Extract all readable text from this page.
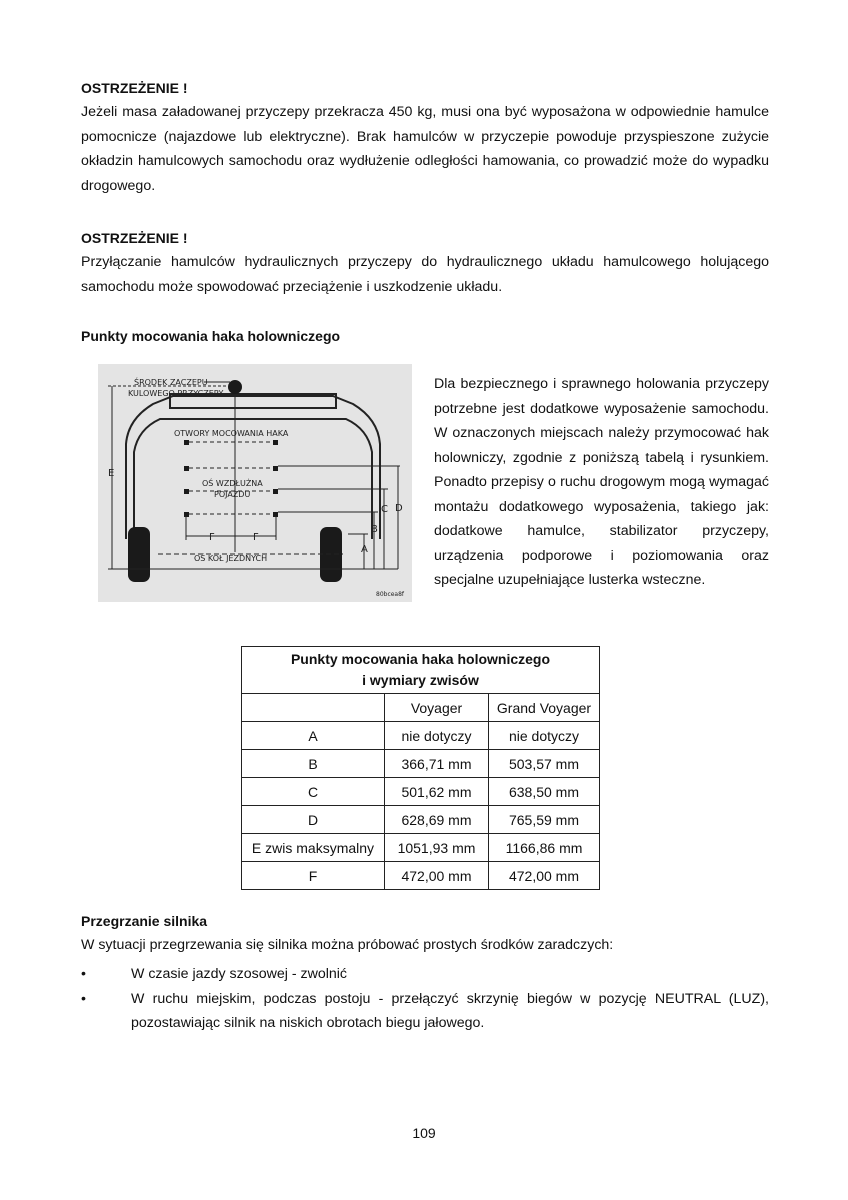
OSTRZEŻENIE !

Jeżeli masa załadowanej przyczepy przekracza 450 kg, musi ona być wyposażona w odpowiednie hamulce pomocnicze (najazdowe lub elektryczne). Brak hamulców w przyczepie powoduje przyspieszone zużycie okładzin hamulcowych samochodu oraz wydłużenie odległości hamowania, co prowadzić może do wypadku drogowego.

OSTRZEŻENIE !

Przyłączanie hamulców hydraulicznych przyczepy do hydraulicznego układu hamulcowego holującego samochodu może spowodować przeciążenie i uszkodzenie układu.

Punkty mocowania haka holowniczego
ŚRODEK ZACZEPU
KULOWEGO PRZYCZEPY
OTWORY MOCOWANIA HAKA
OŚ WZDŁUŻNA
POJAZDU
OŚ KÓŁ JEZDNYCH
80bcea8f
E
A
B
C D
F	F
Dla bezpiecznego i sprawnego holowania przyczepy potrzebne jest dodatkowe wyposażenie samochodu. W oznaczonych miejscach należy przymocować hak holowniczy, zgodnie z poniższą tabelą i rysunkiem. Ponadto przepisy o ruchu drogowym mogą wymagać montażu dodatkowego wyposażenia, takiego jak: dodatkowe hamulce, stabilizator przyczepy, urządzenia podporowe i poziomowania oraz specjalne uzupełniające lusterka wsteczne.
Punkty mocowania haka holowniczego
i wymiary zwisów		
	Voyager	Grand Voyager
A	nie dotyczy	nie dotyczy
B	366,71 mm	503,57 mm
C	501,62 mm	638,50 mm
D	628,69 mm	765,59 mm
E zwis maksymalny	1051,93 mm	1166,86 mm
F	472,00 mm	472,00 mm
Przegrzanie silnika
W sytuacji przegrzewania się silnika można próbować prostych środków zaradczych:
•	W czasie jazdy szosowej - zwolnić
•	W ruchu miejskim, podczas postoju - przełączyć skrzynię biegów w pozycję NEUTRAL (LUZ), pozostawiając silnik na niskich obrotach biegu jałowego.
109
